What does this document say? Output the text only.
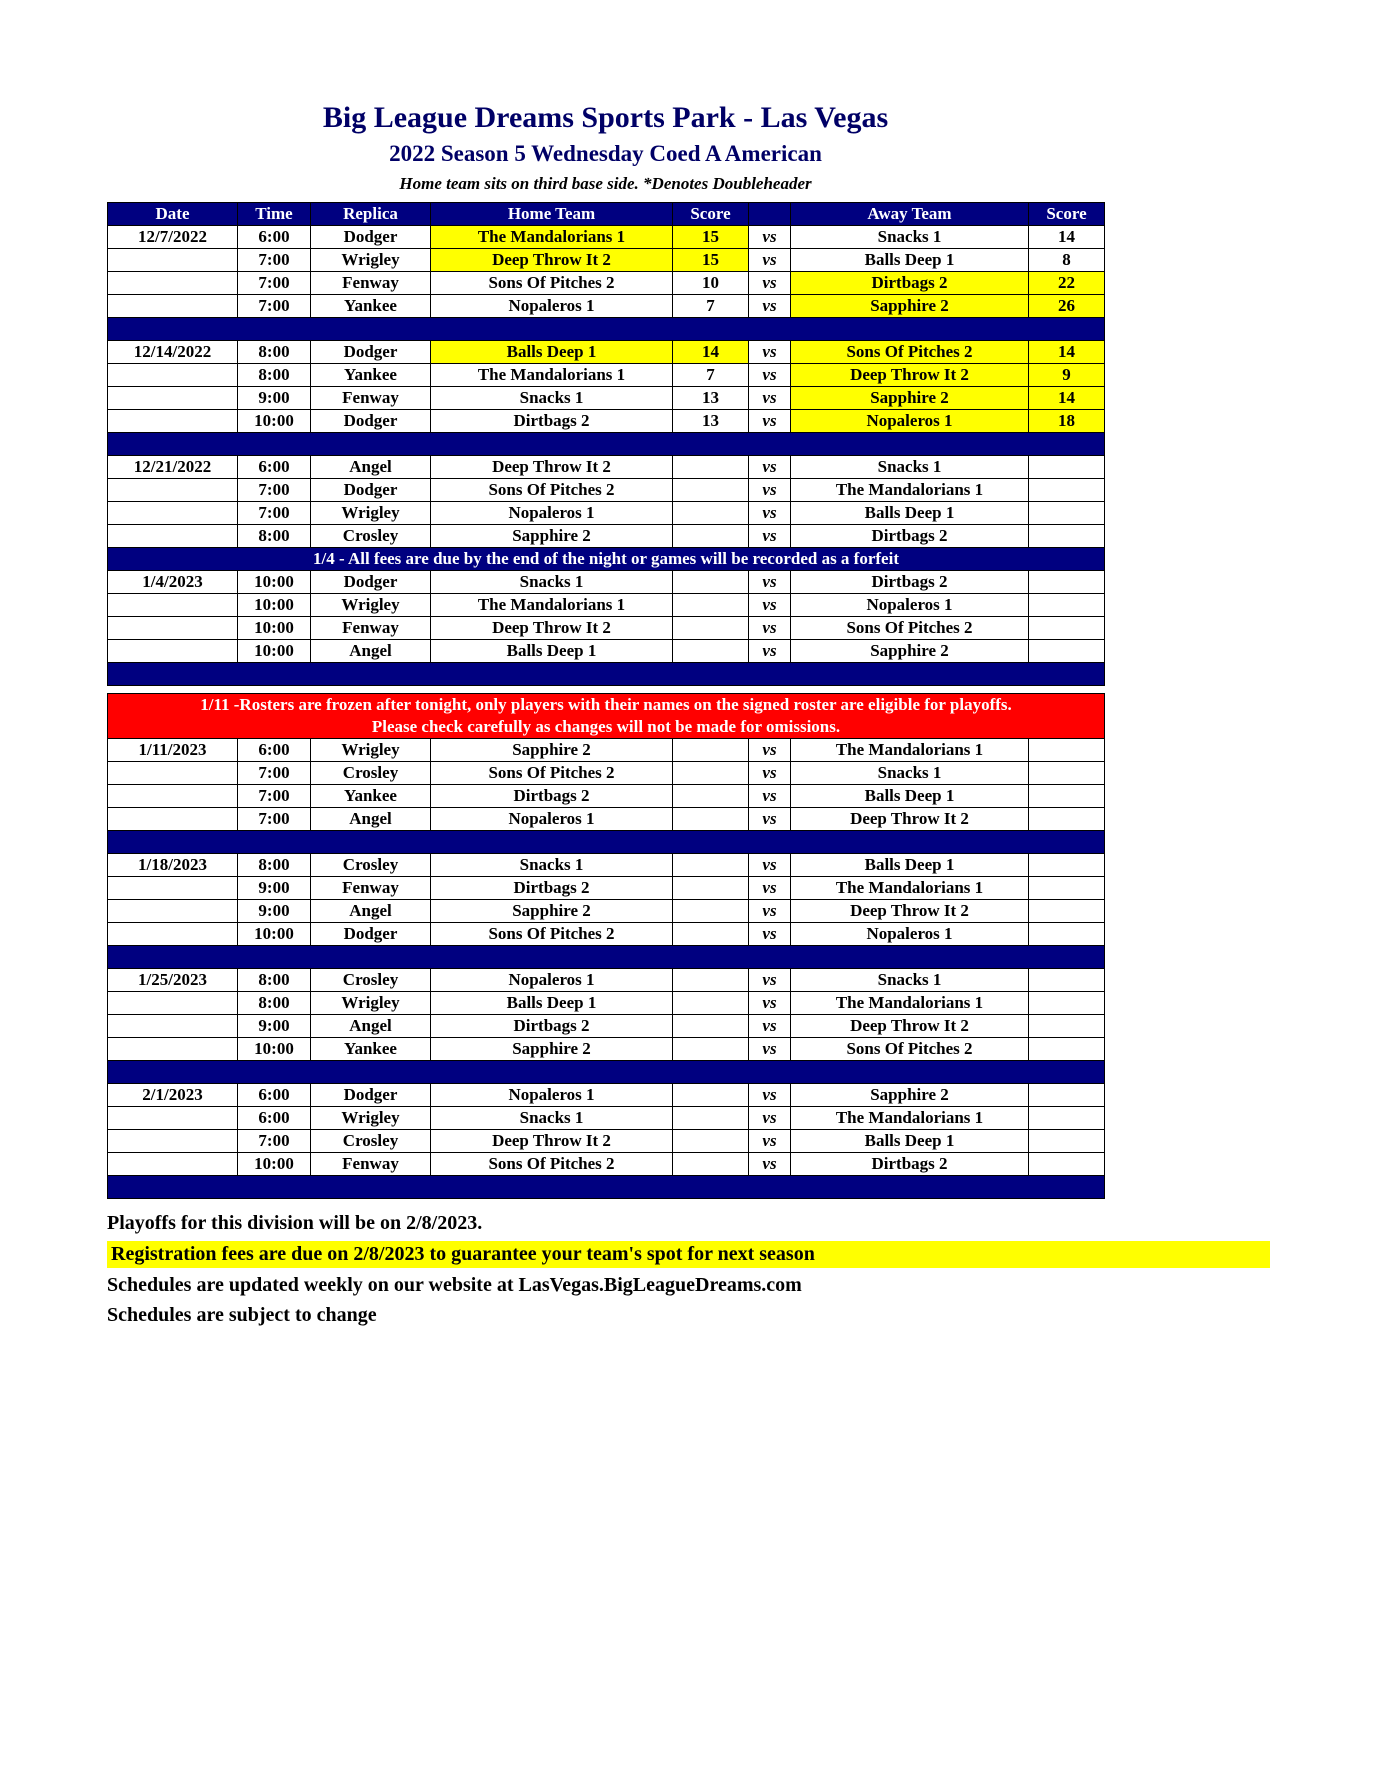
Big League Dreams Sports Park - Las Vegas
2022 Season 5 Wednesday Coed A American
Home team sits on third base side. *Denotes Doubleheader
Date	Time	Replica	Home Team	Score		Away Team	Score
12/7/2022	6:00	Dodger	The Mandalorians 1	15	vs	Snacks 1	14
	7:00	Wrigley	Deep Throw It 2	15	vs	Balls Deep 1	8
	7:00	Fenway	Sons Of Pitches 2	10	vs	Dirtbags 2	22
	7:00	Yankee	Nopaleros 1	7	vs	Sapphire 2	26

12/14/2022	8:00	Dodger	Balls Deep 1	14	vs	Sons Of Pitches 2	14
	8:00	Yankee	The Mandalorians 1	7	vs	Deep Throw It 2	9
	9:00	Fenway	Snacks 1	13	vs	Sapphire 2	14
	10:00	Dodger	Dirtbags 2	13	vs	Nopaleros 1	18

12/21/2022	6:00	Angel	Deep Throw It 2		vs	Snacks 1	
	7:00	Dodger	Sons Of Pitches 2		vs	The Mandalorians 1	
	7:00	Wrigley	Nopaleros 1		vs	Balls Deep 1	
	8:00	Crosley	Sapphire 2		vs	Dirtbags 2	
1/4 - All fees are due by the end of the night or games will be recorded as a forfeit							
1/4/2023	10:00	Dodger	Snacks 1		vs	Dirtbags 2	
	10:00	Wrigley	The Mandalorians 1		vs	Nopaleros 1	
	10:00	Fenway	Deep Throw It 2		vs	Sons Of Pitches 2	
	10:00	Angel	Balls Deep 1		vs	Sapphire 2	

1/11 -Rosters are frozen after tonight, only players with their names on the signed roster are eligible for playoffs.
Please check carefully as changes will not be made for omissions.							

1/11/2023	6:00	Wrigley	Sapphire 2		vs	The Mandalorians 1	
	7:00	Crosley	Sons Of Pitches 2		vs	Snacks 1	
	7:00	Yankee	Dirtbags 2		vs	Balls Deep 1	
	7:00	Angel	Nopaleros 1		vs	Deep Throw It 2	

1/18/2023	8:00	Crosley	Snacks 1		vs	Balls Deep 1	
	9:00	Fenway	Dirtbags 2		vs	The Mandalorians 1	
	9:00	Angel	Sapphire 2		vs	Deep Throw It 2	
	10:00	Dodger	Sons Of Pitches 2		vs	Nopaleros 1	

1/25/2023	8:00	Crosley	Nopaleros 1		vs	Snacks 1	
	8:00	Wrigley	Balls Deep 1		vs	The Mandalorians 1	
	9:00	Angel	Dirtbags 2		vs	Deep Throw It 2	
	10:00	Yankee	Sapphire 2		vs	Sons Of Pitches 2	

2/1/2023	6:00	Dodger	Nopaleros 1		vs	Sapphire 2	
	6:00	Wrigley	Snacks 1		vs	The Mandalorians 1	
	7:00	Crosley	Deep Throw It 2		vs	Balls Deep 1	
	10:00	Fenway	Sons Of Pitches 2		vs	Dirtbags 2	

Playoffs for this division will be on 2/8/2023.
Registration fees are due on 2/8/2023 to guarantee your team's spot for next season
Schedules are updated weekly on our website at LasVegas.BigLeagueDreams.com
Schedules are subject to change
